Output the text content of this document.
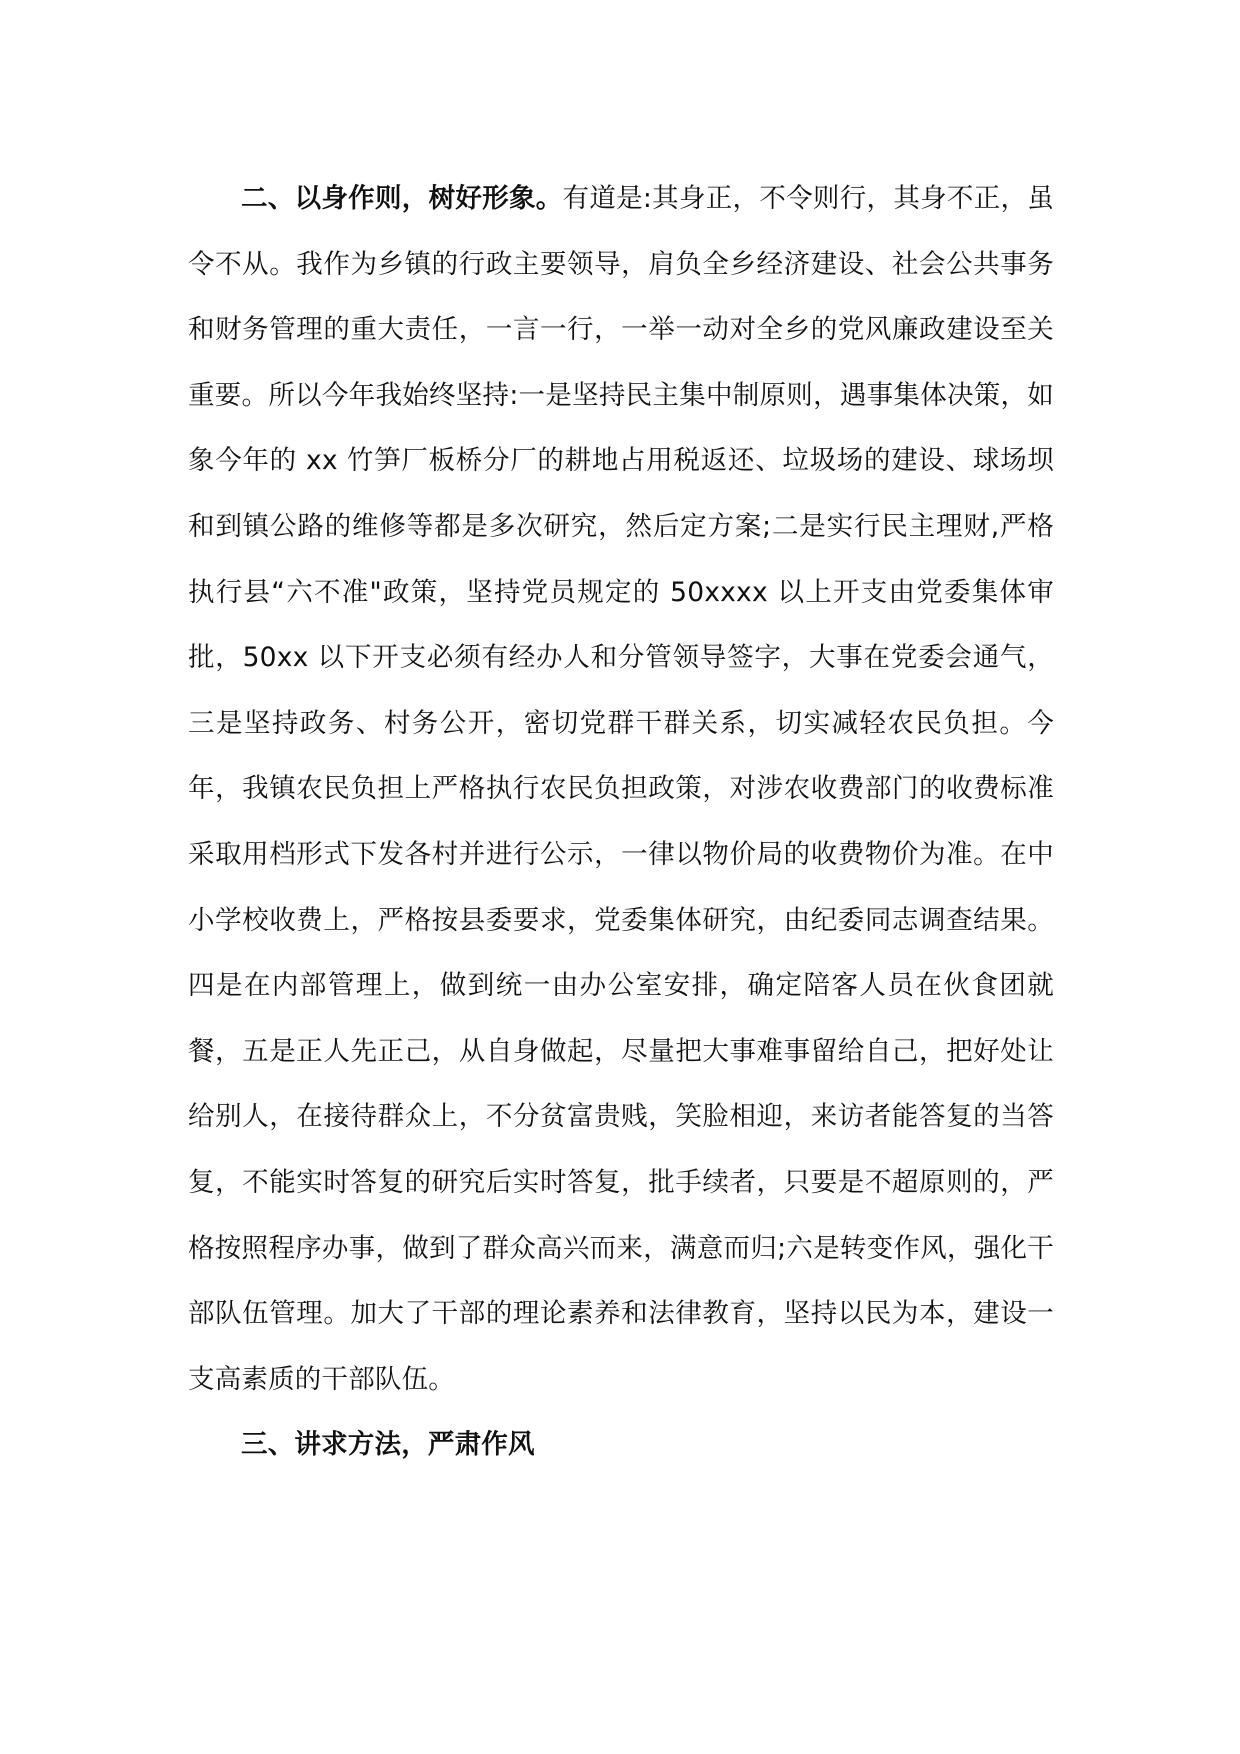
二、以身作则，树好形象。有道是:其身正，不令则行，其身不正，虽令不从。我作为乡镇的行政主要领导，肩负全乡经济建设、社会公共事务和财务管理的重大责任，一言一行，一举一动对全乡的党风廉政建设至关重要。所以今年我始终坚持:一是坚持民主集中制原则，遇事集体决策，如象今年的 xx 竹笋厂板桥分厂的耕地占用税返还、垃圾场的建设、球场坝和到镇公路的维修等都是多次研究，然后定方案;二是实行民主理财,严格执行县“六不准"政策，坚持党员规定的 50xxxx 以上开支由党委集体审批，50xx 以下开支必须有经办人和分管领导签字，大事在党委会通气，三是坚持政务、村务公开，密切党群干群关系，切实减轻农民负担。今年，我镇农民负担上严格执行农民负担政策，对涉农收费部门的收费标准采取用档形式下发各村并进行公示，一律以物价局的收费物价为准。在中小学校收费上，严格按县委要求，党委集体研究，由纪委同志调查结果。四是在内部管理上，做到统一由办公室安排，确定陪客人员在伙食团就餐，五是正人先正己，从自身做起，尽量把大事难事留给自己，把好处让给别人，在接待群众上，不分贫富贵贱，笑脸相迎，来访者能答复的当答复，不能实时答复的研究后实时答复，批手续者，只要是不超原则的，严格按照程序办事，做到了群众高兴而来，满意而归;六是转变作风，强化干部队伍管理。加大了干部的理论素养和法律教育，坚持以民为本，建设一支高素质的干部队伍。

三、讲求方法，严肃作风
